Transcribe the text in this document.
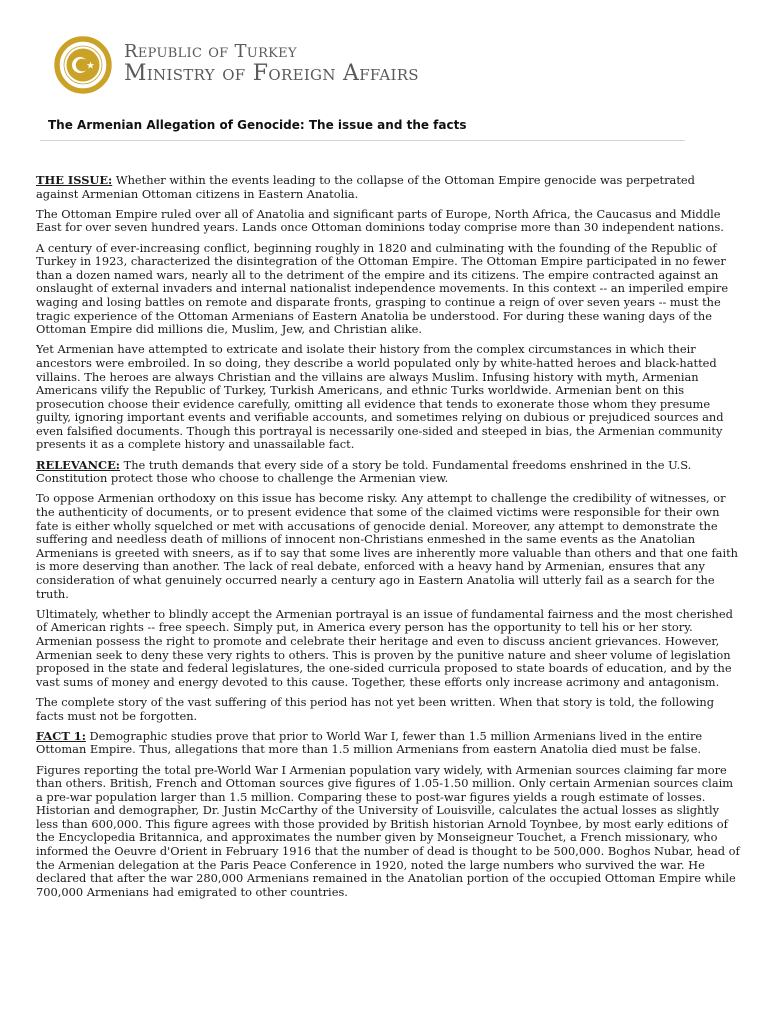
Republic of Turkey
Ministry of Foreign Affairs
The Armenian Allegation of Genocide: The issue and the facts

THE ISSUE: Whether within the events leading to the collapse of the Ottoman Empire genocide was perpetrated against Armenian Ottoman citizens in Eastern Anatolia.

The Ottoman Empire ruled over all of Anatolia and significant parts of Europe, North Africa, the Caucasus and Middle East for over seven hundred years. Lands once Ottoman dominions today comprise more than 30 independent nations.

A century of ever-increasing conflict, beginning roughly in 1820 and culminating with the founding of the Republic of Turkey in 1923, characterized the disintegration of the Ottoman Empire. The Ottoman Empire participated in no fewer than a dozen named wars, nearly all to the detriment of the empire and its citizens. The empire contracted against an onslaught of external invaders and internal nationalist independence movements. In this context -- an imperiled empire waging and losing battles on remote and disparate fronts, grasping to continue a reign of over seven years -- must the tragic experience of the Ottoman Armenians of Eastern Anatolia be understood. For during these waning days of the Ottoman Empire did millions die, Muslim, Jew, and Christian alike.

Yet Armenian have attempted to extricate and isolate their history from the complex circumstances in which their ancestors were embroiled. In so doing, they describe a world populated only by white-hatted heroes and black-hatted villains. The heroes are always Christian and the villains are always Muslim. Infusing history with myth, Armenian Americans vilify the Republic of Turkey, Turkish Americans, and ethnic Turks worldwide. Armenian bent on this prosecution choose their evidence carefully, omitting all evidence that tends to exonerate those whom they presume guilty, ignoring important events and verifiable accounts, and sometimes relying on dubious or prejudiced sources and even falsified documents. Though this portrayal is necessarily one-sided and steeped in bias, the Armenian community presents it as a complete history and unassailable fact.

RELEVANCE: The truth demands that every side of a story be told. Fundamental freedoms enshrined in the U.S. Constitution protect those who choose to challenge the Armenian view.

To oppose Armenian orthodoxy on this issue has become risky. Any attempt to challenge the credibility of witnesses, or the authenticity of documents, or to present evidence that some of the claimed victims were responsible for their own fate is either wholly squelched or met with accusations of genocide denial. Moreover, any attempt to demonstrate the suffering and needless death of millions of innocent non-Christians enmeshed in the same events as the Anatolian Armenians is greeted with sneers, as if to say that some lives are inherently more valuable than others and that one faith is more deserving than another. The lack of real debate, enforced with a heavy hand by Armenian, ensures that any consideration of what genuinely occurred nearly a century ago in Eastern Anatolia will utterly fail as a search for the truth.

Ultimately, whether to blindly accept the Armenian portrayal is an issue of fundamental fairness and the most cherished of American rights -- free speech. Simply put, in America every person has the opportunity to tell his or her story. Armenian possess the right to promote and celebrate their heritage and even to discuss ancient grievances. However, Armenian seek to deny these very rights to others. This is proven by the punitive nature and sheer volume of legislation proposed in the state and federal legislatures, the one-sided curricula proposed to state boards of education, and by the vast sums of money and energy devoted to this cause. Together, these efforts only increase acrimony and antagonism.

The complete story of the vast suffering of this period has not yet been written. When that story is told, the following facts must not be forgotten.

FACT 1: Demographic studies prove that prior to World War I, fewer than 1.5 million Armenians lived in the entire Ottoman Empire. Thus, allegations that more than 1.5 million Armenians from eastern Anatolia died must be false.

Figures reporting the total pre-World War I Armenian population vary widely, with Armenian sources claiming far more than others. British, French and Ottoman sources give figures of 1.05-1.50 million. Only certain Armenian sources claim a pre-war population larger than 1.5 million. Comparing these to post-war figures yields a rough estimate of losses. Historian and demographer, Dr. Justin McCarthy of the University of Louisville, calculates the actual losses as slightly less than 600,000. This figure agrees with those provided by British historian Arnold Toynbee, by most early editions of the Encyclopedia Britannica, and approximates the number given by Monseigneur Touchet, a French missionary, who informed the Oeuvre d'Orient in February 1916 that the number of dead is thought to be 500,000. Boghos Nubar, head of the Armenian delegation at the Paris Peace Conference in 1920, noted the large numbers who survived the war. He declared that after the war 280,000 Armenians remained in the Anatolian portion of the occupied Ottoman Empire while 700,000 Armenians had emigrated to other countries.
